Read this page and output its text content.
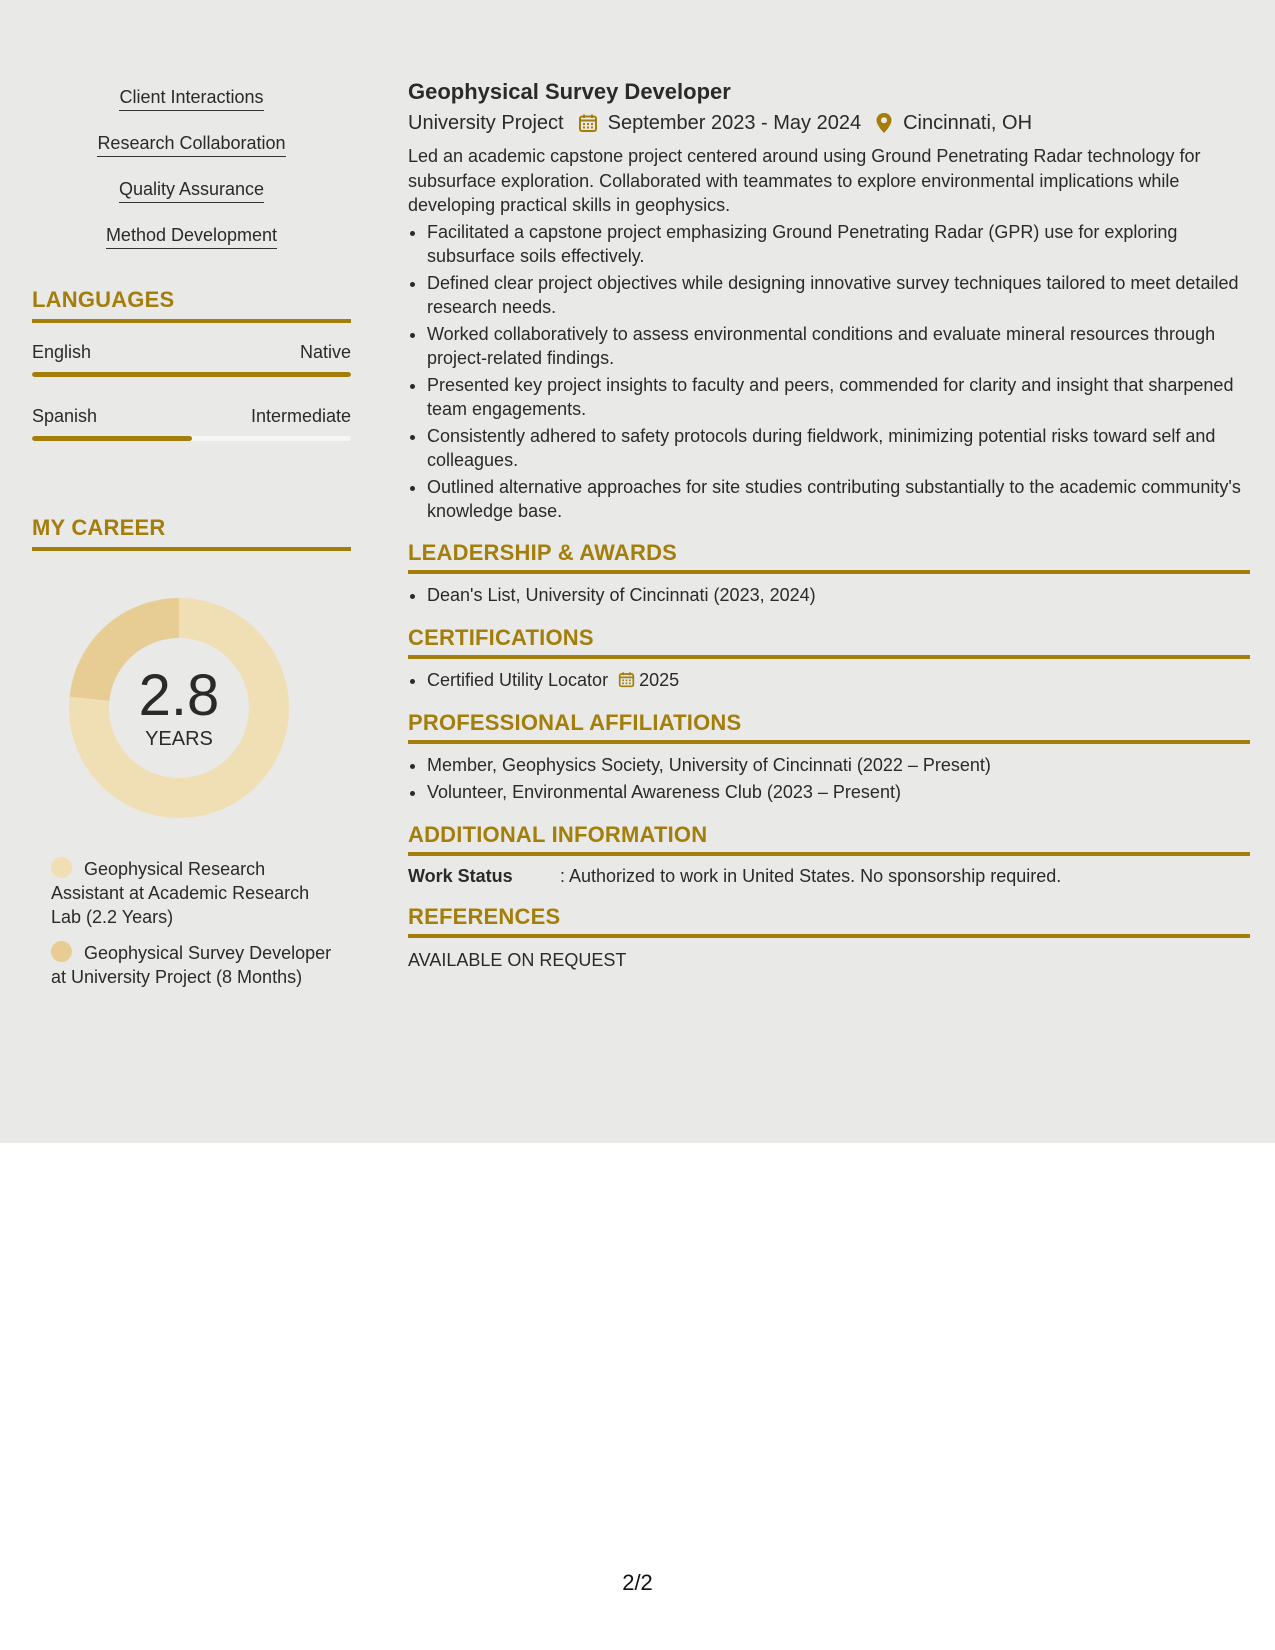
Client Interactions
Research Collaboration
Quality Assurance
Method Development
LANGUAGES
English	Native
Spanish	Intermediate
MY CAREER
2.8
YEARS
Geophysical Research Assistant at Academic Research Lab (2.2 Years)
Geophysical Survey Developer at University Project (8 Months)
Geophysical Survey Developer
University Project September 2023 - May 2024 Cincinnati, OH

Led an academic capstone project centered around using Ground Penetrating Radar technology for subsurface exploration. Collaborated with teammates to explore environmental implications while developing practical skills in geophysics.

• Facilitated a capstone project emphasizing Ground Penetrating Radar (GPR) use for exploring subsurface soils effectively.
• Defined clear project objectives while designing innovative survey techniques tailored to meet detailed research needs.
• Worked collaboratively to assess environmental conditions and evaluate mineral resources through project-related findings.
• Presented key project insights to faculty and peers, commended for clarity and insight that sharpened team engagements.
• Consistently adhered to safety protocols during fieldwork, minimizing potential risks toward self and colleagues.
• Outlined alternative approaches for site studies contributing substantially to the academic community's knowledge base.
LEADERSHIP & AWARDS
• Dean's List, University of Cincinnati (2023, 2024)
CERTIFICATIONS
• Certified Utility Locator 2025
PROFESSIONAL AFFILIATIONS
• Member, Geophysics Society, University of Cincinnati (2022 – Present)
• Volunteer, Environmental Awareness Club (2023 – Present)
ADDITIONAL INFORMATION
Work Status	: Authorized to work in United States. No sponsorship required.
REFERENCES

AVAILABLE ON REQUEST

2/2
